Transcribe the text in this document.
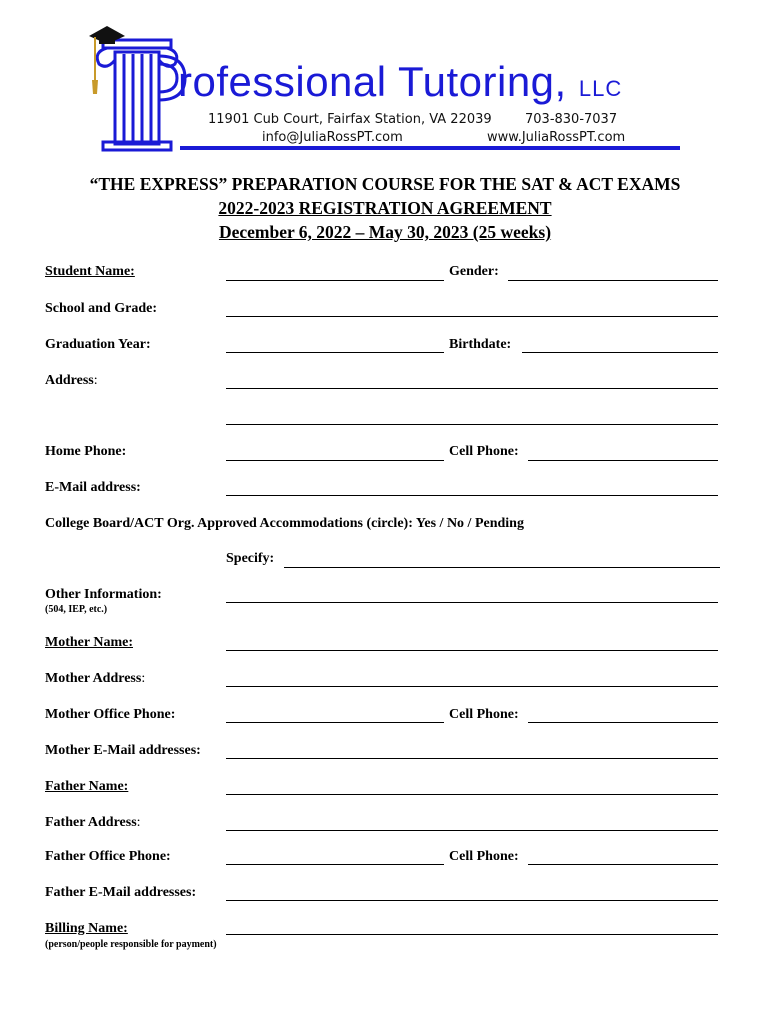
rofessional Tutoring, LLC
11901 Cub Court, Fairfax Station, VA 22039	703-830-7037
info@JuliaRossPT.com	www.JuliaRossPT.com
“THE EXPRESS” PREPARATION COURSE FOR THE SAT & ACT EXAMS
2022-2023 REGISTRATION AGREEMENT
December 6, 2022 – May 30, 2023 (25 weeks)
Student Name:	Gender:
School and Grade:
Graduation Year:	Birthdate:
Address:
Home Phone:	Cell Phone:
E-Mail address:
College Board/ACT Org. Approved Accommodations (circle): Yes / No / Pending
Specify:
Other Information:
(504, IEP, etc.)
Mother Name:
Mother Address:
Mother Office Phone:	Cell Phone:
Mother E-Mail addresses:
Father Name:
Father Address:
Father Office Phone:	Cell Phone:
Father E-Mail addresses:
Billing Name:
(person/people responsible for payment)
